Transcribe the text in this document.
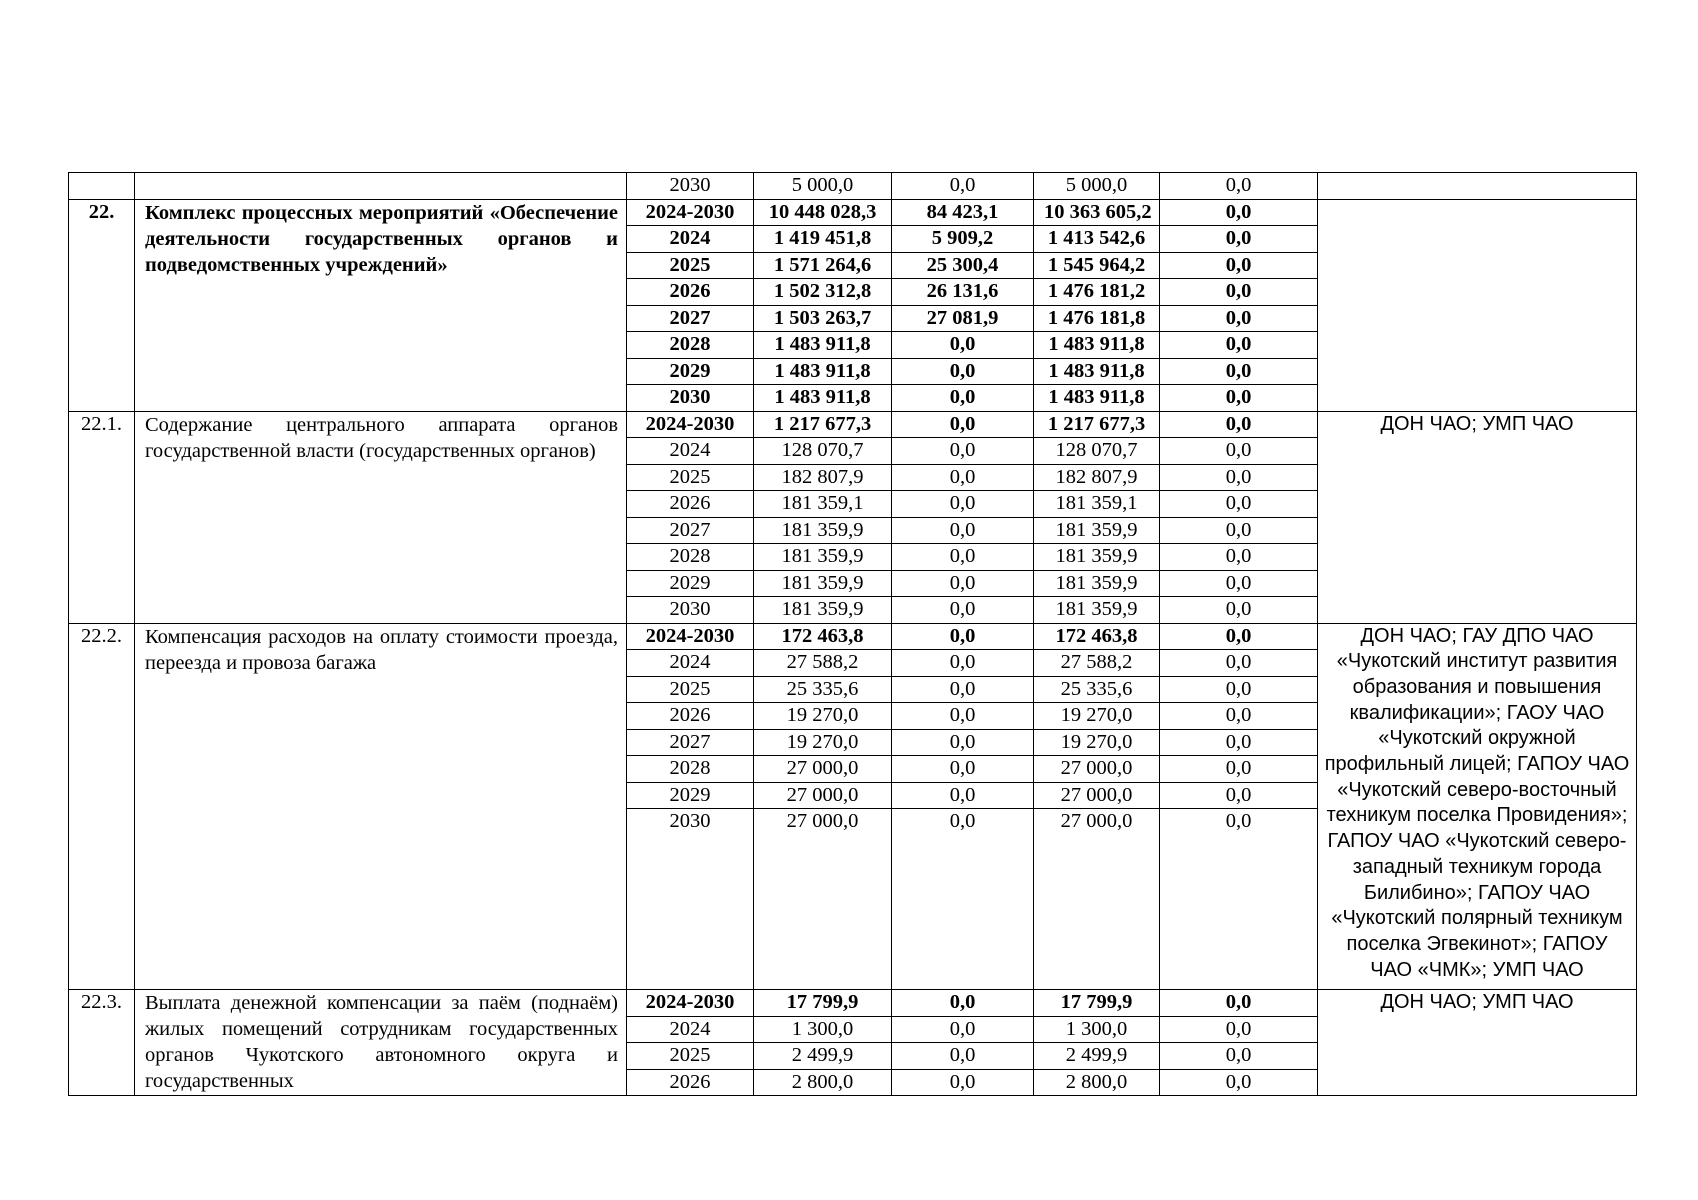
		2030	5 000,0	0,0	5 000,0	0,0	
22.	Комплекс процессных мероприятий «Обеспечение деятельности государственных органов и подведомственных учреждений»	2024-2030	10 448 028,3	84 423,1	10 363 605,2	0,0	
		2024	1 419 451,8	5 909,2	1 413 542,6	0,0	
		2025	1 571 264,6	25 300,4	1 545 964,2	0,0	
		2026	1 502 312,8	26 131,6	1 476 181,2	0,0	
		2027	1 503 263,7	27 081,9	1 476 181,8	0,0	
		2028	1 483 911,8	0,0	1 483 911,8	0,0	
		2029	1 483 911,8	0,0	1 483 911,8	0,0	
		2030	1 483 911,8	0,0	1 483 911,8	0,0	
22.1.	Содержание центрального аппарата органов государственной власти (государственных органов)	2024-2030	1 217 677,3	0,0	1 217 677,3	0,0	ДОН ЧАО; УМП ЧАО
		2024	128 070,7	0,0	128 070,7	0,0	
		2025	182 807,9	0,0	182 807,9	0,0	
		2026	181 359,1	0,0	181 359,1	0,0	
		2027	181 359,9	0,0	181 359,9	0,0	
		2028	181 359,9	0,0	181 359,9	0,0	
		2029	181 359,9	0,0	181 359,9	0,0	
		2030	181 359,9	0,0	181 359,9	0,0	
22.2.	Компенсация расходов на оплату стоимости проезда, переезда и провоза багажа	2024-2030	172 463,8	0,0	172 463,8	0,0	ДОН ЧАО; ГАУ ДПО ЧАО «Чукотский институт развития образования и повышения квалификации»; ГАОУ ЧАО «Чукотский окружной профильный лицей; ГАПОУ ЧАО «Чукотский северо-восточный техникум поселка Провидения»; ГАПОУ ЧАО «Чукотский северо-западный техникум города Билибино»; ГАПОУ ЧАО «Чукотский полярный техникум поселка Эгвекинот»; ГАПОУ ЧАО «ЧМК»; УМП ЧАО
		2024	27 588,2	0,0	27 588,2	0,0	
		2025	25 335,6	0,0	25 335,6	0,0	
		2026	19 270,0	0,0	19 270,0	0,0	
		2027	19 270,0	0,0	19 270,0	0,0	
		2028	27 000,0	0,0	27 000,0	0,0	
		2029	27 000,0	0,0	27 000,0	0,0	
		2030	27 000,0	0,0	27 000,0	0,0	
22.3.	Выплата денежной компенсации за паём (поднаём) жилых помещений сотрудникам государственных органов Чукотского автономного округа и государственных	2024-2030	17 799,9	0,0	17 799,9	0,0	ДОН ЧАО; УМП ЧАО
		2024	1 300,0	0,0	1 300,0	0,0	
		2025	2 499,9	0,0	2 499,9	0,0	
		2026	2 800,0	0,0	2 800,0	0,0	
